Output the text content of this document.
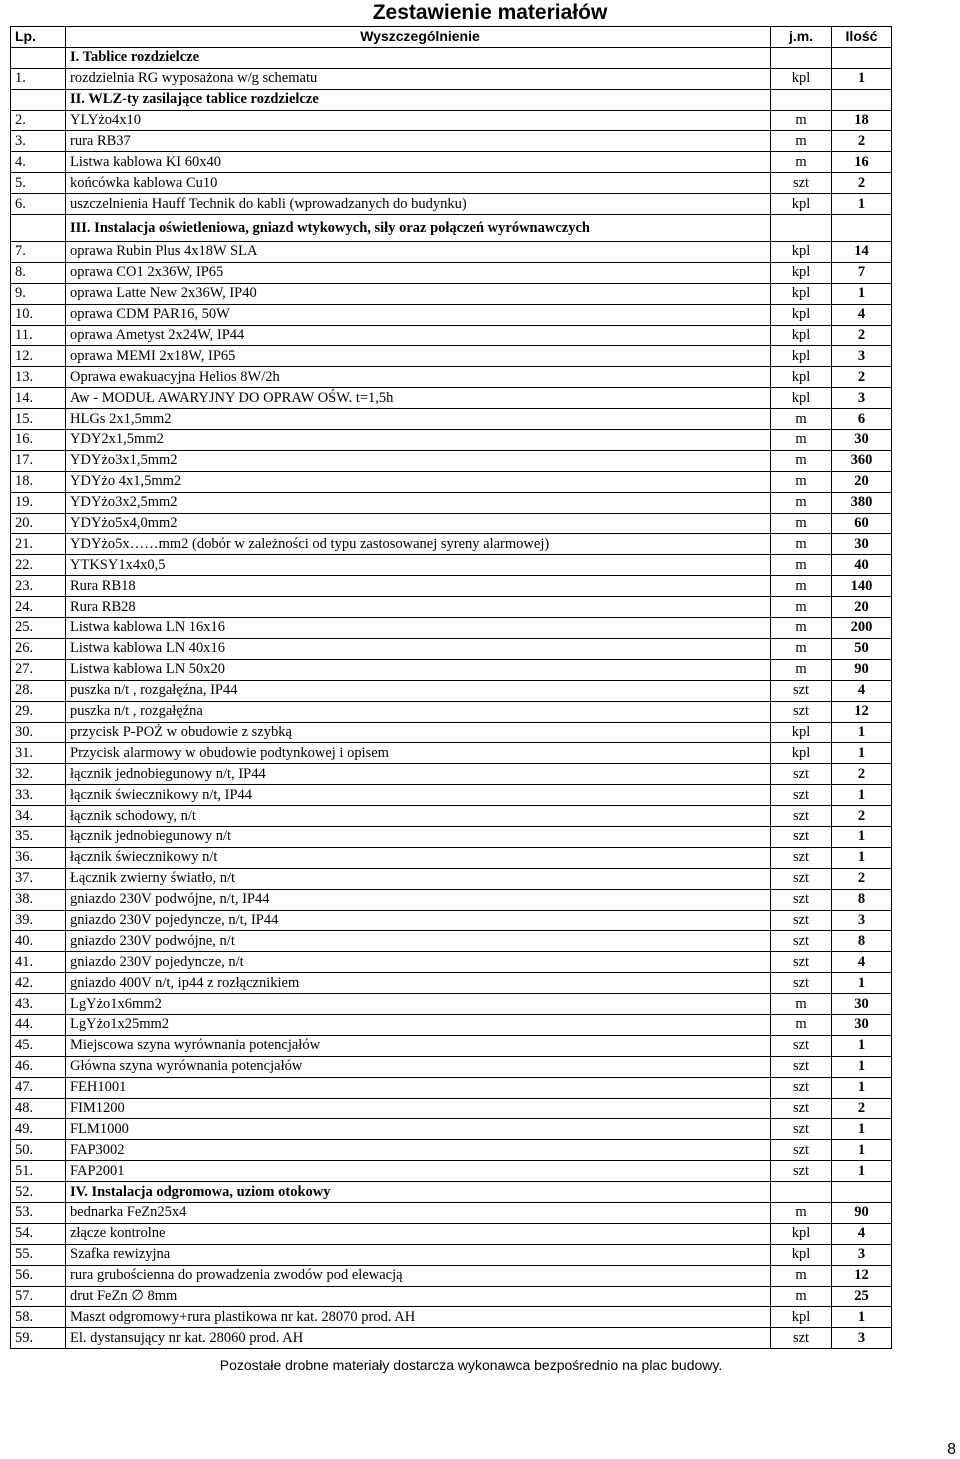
Zestawienie materiałów
Lp.	Wyszczególnienie	j.m.	Ilość
	I. Tablice rozdzielcze		
1.	rozdzielnia RG wyposażona w/g schematu	kpl	1
	II. WLZ-ty zasilające tablice rozdzielcze		
2.	YLYżo4x10	m	18
3.	rura RB37	m	2
4.	Listwa kablowa KI 60x40	m	16
5.	końcówka kablowa Cu10	szt	2
6.	uszczelnienia Hauff Technik do kabli (wprowadzanych do budynku)	kpl	1
	III. Instalacja oświetleniowa, gniazd wtykowych, siły oraz połączeń wyrównawczych		
7.	oprawa Rubin Plus 4x18W SLA	kpl	14
8.	oprawa CO1 2x36W, IP65	kpl	7
9.	oprawa Latte New 2x36W, IP40	kpl	1
10.	oprawa CDM PAR16, 50W	kpl	4
11.	oprawa Ametyst 2x24W, IP44	kpl	2
12.	oprawa MEMI 2x18W, IP65	kpl	3
13.	Oprawa ewakuacyjna Helios 8W/2h	kpl	2
14.	Aw - MODUŁ AWARYJNY DO OPRAW OŚW. t=1,5h	kpl	3
15.	HLGs 2x1,5mm2	m	6
16.	YDY2x1,5mm2	m	30
17.	YDYżo3x1,5mm2	m	360
18.	YDYżo 4x1,5mm2	m	20
19.	YDYżo3x2,5mm2	m	380
20.	YDYżo5x4,0mm2	m	60
21.	YDYżo5x……mm2 (dobór w zależności od typu zastosowanej syreny alarmowej)	m	30
22.	YTKSY1x4x0,5	m	40
23.	Rura RB18	m	140
24.	Rura RB28	m	20
25.	Listwa kablowa LN 16x16	m	200
26.	Listwa kablowa LN 40x16	m	50
27.	Listwa kablowa LN 50x20	m	90
28.	puszka n/t , rozgałęźna, IP44	szt	4
29.	puszka n/t , rozgałęźna	szt	12
30.	przycisk P-POŻ w obudowie z szybką	kpl	1
31.	Przycisk alarmowy w obudowie podtynkowej i opisem	kpl	1
32.	łącznik jednobiegunowy n/t, IP44	szt	2
33.	łącznik świecznikowy n/t, IP44	szt	1
34.	łącznik schodowy, n/t	szt	2
35.	łącznik jednobiegunowy n/t	szt	1
36.	łącznik świecznikowy n/t	szt	1
37.	Łącznik zwierny światło, n/t	szt	2
38.	gniazdo 230V podwójne, n/t, IP44	szt	8
39.	gniazdo 230V pojedyncze, n/t, IP44	szt	3
40.	gniazdo 230V podwójne, n/t	szt	8
41.	gniazdo 230V pojedyncze, n/t	szt	4
42.	gniazdo 400V n/t, ip44 z rozłącznikiem	szt	1
43.	LgYżo1x6mm2	m	30
44.	LgYżo1x25mm2	m	30
45.	Miejscowa szyna wyrównania potencjałów	szt	1
46.	Główna szyna wyrównania potencjałów	szt	1
47.	FEH1001	szt	1
48.	FIM1200	szt	2
49.	FLM1000	szt	1
50.	FAP3002	szt	1
51.	FAP2001	szt	1
52.	IV. Instalacja odgromowa, uziom otokowy		
53.	bednarka FeZn25x4	m	90
54.	złącze kontrolne	kpl	4
55.	Szafka rewizyjna	kpl	3
56.	rura grubościenna do prowadzenia zwodów pod elewacją	m	12
57.	drut FeZn ∅ 8mm	m	25
58.	Maszt odgromowy+rura plastikowa nr kat. 28070 prod. AH	kpl	1
59.	El. dystansujący nr kat. 28060 prod. AH	szt	3
Pozostałe drobne materiały dostarcza wykonawca bezpośrednio na plac budowy.
8
